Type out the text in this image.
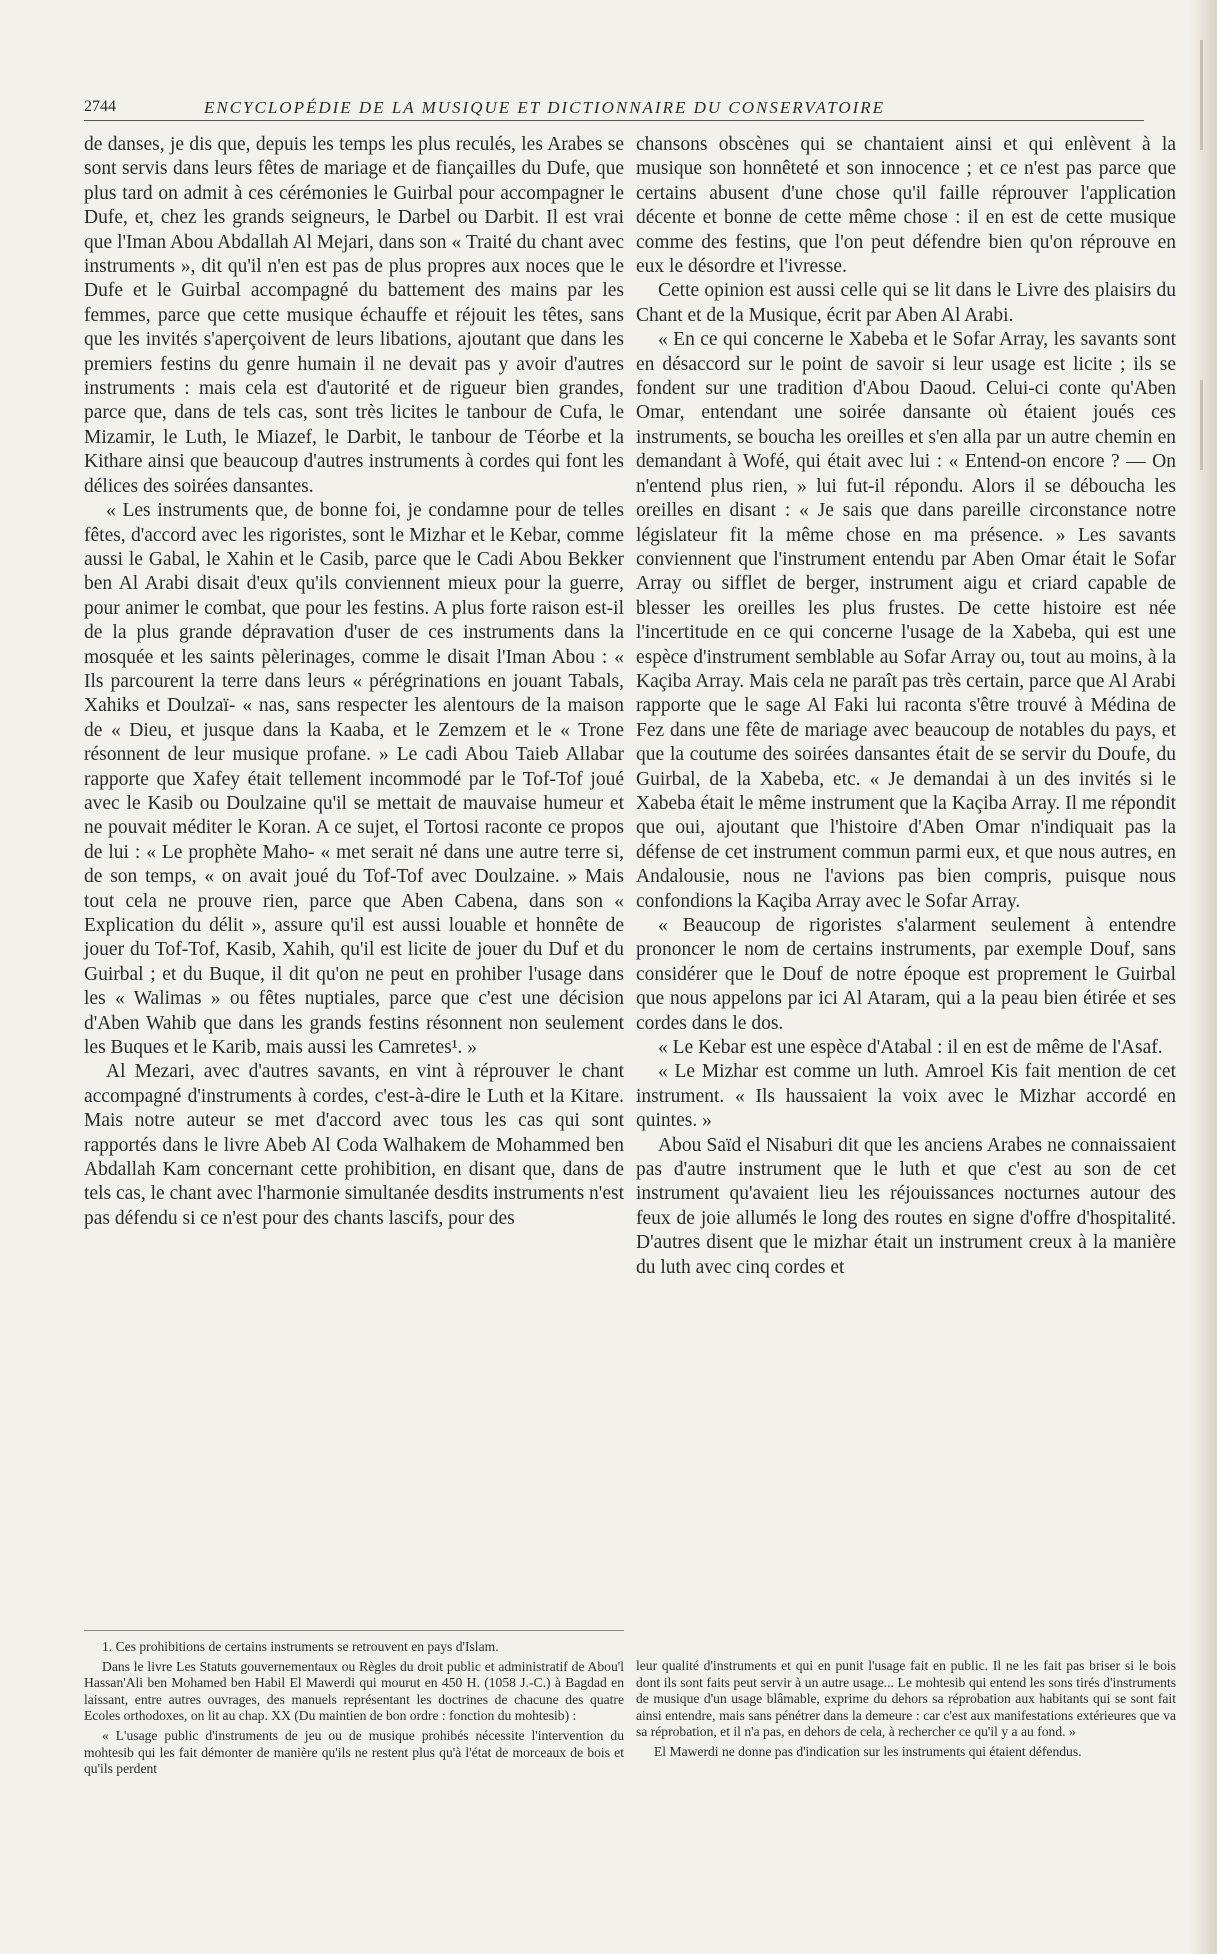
2744	ENCYCLOPÉDIE DE LA MUSIQUE ET DICTIONNAIRE DU CONSERVATOIRE

de danses, je dis que, depuis les temps les plus reculés, les Arabes se sont servis dans leurs fêtes de mariage et de fiançailles du Dufe, que plus tard on admit à ces cérémonies le Guirbal pour accompagner le Dufe, et, chez les grands seigneurs, le Darbel ou Darbit. Il est vrai que l'Iman Abou Abdallah Al Mejari, dans son « Traité du chant avec instruments », dit qu'il n'en est pas de plus propres aux noces que le Dufe et le Guirbal accompagné du battement des mains par les femmes, parce que cette musique échauffe et réjouit les têtes, sans que les invités s'aperçoivent de leurs libations, ajoutant que dans les premiers festins du genre humain il ne devait pas y avoir d'autres instruments : mais cela est d'autorité et de rigueur bien grandes, parce que, dans de tels cas, sont très licites le tanbour de Cufa, le Mizamir, le Luth, le Miazef, le Darbit, le tanbour de Téorbe et la Kithare ainsi que beaucoup d'autres instruments à cordes qui font les délices des soirées dansantes.

« Les instruments que, de bonne foi, je condamne pour de telles fêtes, d'accord avec les rigoristes, sont le Mizhar et le Kebar, comme aussi le Gabal, le Xahin et le Casib, parce que le Cadi Abou Bekker ben Al Arabi disait d'eux qu'ils conviennent mieux pour la guerre, pour animer le combat, que pour les festins. A plus forte raison est-il de la plus grande dépravation d'user de ces instruments dans la mosquée et les saints pèlerinages, comme le disait l'Iman Abou : « Ils parcourent la terre dans leurs « pérégrinations en jouant Tabals, Xahiks et Doulzaï- « nas, sans respecter les alentours de la maison de « Dieu, et jusque dans la Kaaba, et le Zemzem et le « Trone résonnent de leur musique profane. » Le cadi Abou Taieb Allabar rapporte que Xafey était tellement incommodé par le Tof-Tof joué avec le Kasib ou Doulzaine qu'il se mettait de mauvaise humeur et ne pouvait méditer le Koran. A ce sujet, el Tortosi raconte ce propos de lui : « Le prophète Maho- « met serait né dans une autre terre si, de son temps, « on avait joué du Tof-Tof avec Doulzaine. » Mais tout cela ne prouve rien, parce que Aben Cabena, dans son « Explication du délit », assure qu'il est aussi louable et honnête de jouer du Tof-Tof, Kasib, Xahih, qu'il est licite de jouer du Duf et du Guirbal ; et du Buque, il dit qu'on ne peut en prohiber l'usage dans les « Walimas » ou fêtes nuptiales, parce que c'est une décision d'Aben Wahib que dans les grands festins résonnent non seulement les Buques et le Karib, mais aussi les Camretes¹. »

Al Mezari, avec d'autres savants, en vint à réprouver le chant accompagné d'instruments à cordes, c'est-à-dire le Luth et la Kitare. Mais notre auteur se met d'accord avec tous les cas qui sont rapportés dans le livre Abeb Al Coda Walhakem de Mohammed ben Abdallah Kam concernant cette prohibition, en disant que, dans de tels cas, le chant avec l'harmonie simultanée desdits instruments n'est pas défendu si ce n'est pour des chants lascifs, pour des

chansons obscènes qui se chantaient ainsi et qui enlèvent à la musique son honnêteté et son innocence ; et ce n'est pas parce que certains abusent d'une chose qu'il faille réprouver l'application décente et bonne de cette même chose : il en est de cette musique comme des festins, que l'on peut défendre bien qu'on réprouve en eux le désordre et l'ivresse.

Cette opinion est aussi celle qui se lit dans le Livre des plaisirs du Chant et de la Musique, écrit par Aben Al Arabi.

« En ce qui concerne le Xabeba et le Sofar Array, les savants sont en désaccord sur le point de savoir si leur usage est licite ; ils se fondent sur une tradition d'Abou Daoud. Celui-ci conte qu'Aben Omar, entendant une soirée dansante où étaient joués ces instruments, se boucha les oreilles et s'en alla par un autre chemin en demandant à Wofé, qui était avec lui : « Entend-on encore ? — On n'entend plus rien, » lui fut-il répondu. Alors il se déboucha les oreilles en disant : « Je sais que dans pareille circonstance notre législateur fit la même chose en ma présence. » Les savants conviennent que l'instrument entendu par Aben Omar était le Sofar Array ou sifflet de berger, instrument aigu et criard capable de blesser les oreilles les plus frustes. De cette histoire est née l'incertitude en ce qui concerne l'usage de la Xabeba, qui est une espèce d'instrument semblable au Sofar Array ou, tout au moins, à la Kaçiba Array. Mais cela ne paraît pas très certain, parce que Al Arabi rapporte que le sage Al Faki lui raconta s'être trouvé à Médina de Fez dans une fête de mariage avec beaucoup de notables du pays, et que la coutume des soirées dansantes était de se servir du Doufe, du Guirbal, de la Xabeba, etc. « Je demandai à un des invités si le Xabeba était le même instrument que la Kaçiba Array. Il me répondit que oui, ajoutant que l'histoire d'Aben Omar n'indiquait pas la défense de cet instrument commun parmi eux, et que nous autres, en Andalousie, nous ne l'avions pas bien compris, puisque nous confondions la Kaçiba Array avec le Sofar Array.

« Beaucoup de rigoristes s'alarment seulement à entendre prononcer le nom de certains instruments, par exemple Douf, sans considérer que le Douf de notre époque est proprement le Guirbal que nous appelons par ici Al Ataram, qui a la peau bien étirée et ses cordes dans le dos.

« Le Kebar est une espèce d'Atabal : il en est de même de l'Asaf.

« Le Mizhar est comme un luth. Amroel Kis fait mention de cet instrument. « Ils haussaient la voix avec le Mizhar accordé en quintes. »

Abou Saïd el Nisaburi dit que les anciens Arabes ne connaissaient pas d'autre instrument que le luth et que c'est au son de cet instrument qu'avaient lieu les réjouissances nocturnes autour des feux de joie allumés le long des routes en signe d'offre d'hospitalité. D'autres disent que le mizhar était un instrument creux à la manière du luth avec cinq cordes et

1. Ces prohibitions de certains instruments se retrouvent en pays d'Islam.

Dans le livre Les Statuts gouvernementaux ou Règles du droit public et administratif de Abou'l Hassan'Ali ben Mohamed ben Habil El Mawerdi qui mourut en 450 H. (1058 J.-C.) à Bagdad en laissant, entre autres ouvrages, des manuels représentant les doctrines de chacune des quatre Ecoles orthodoxes, on lit au chap. XX (Du maintien de bon ordre : fonction du mohtesib) :

« L'usage public d'instruments de jeu ou de musique prohibés nécessite l'intervention du mohtesib qui les fait démonter de manière qu'ils ne restent plus qu'à l'état de morceaux de bois et qu'ils perdent

leur qualité d'instruments et qui en punit l'usage fait en public. Il ne les fait pas briser si le bois dont ils sont faits peut servir à un autre usage... Le mohtesib qui entend les sons tirés d'instruments de musique d'un usage blâmable, exprime du dehors sa réprobation aux habitants qui se sont fait ainsi entendre, mais sans pénétrer dans la demeure : car c'est aux manifestations extérieures que va sa réprobation, et il n'a pas, en dehors de cela, à rechercher ce qu'il y a au fond. »

El Mawerdi ne donne pas d'indication sur les instruments qui étaient défendus.
